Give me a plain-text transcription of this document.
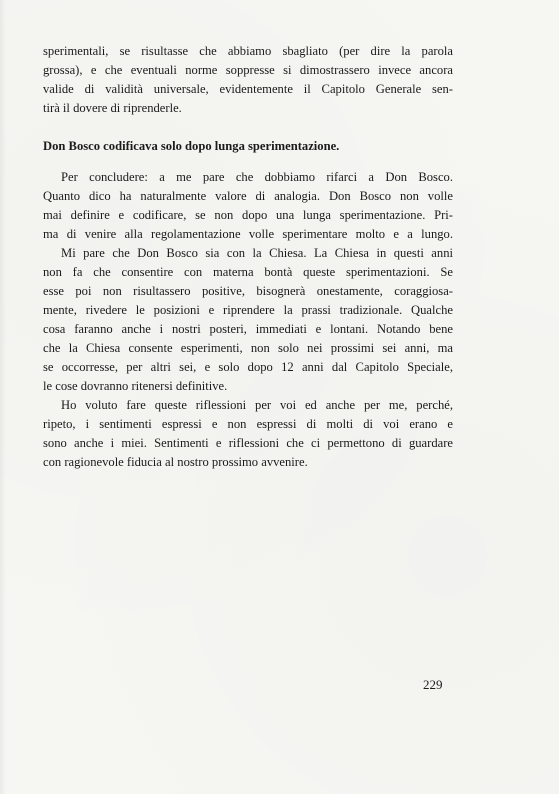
sperimentali, se risultasse che abbiamo sbagliato (per dire la parola
grossa), e che eventuali norme soppresse si dimostrassero invece ancora
valide di validità universale, evidentemente il Capitolo Generale sen-
tirà il dovere di riprenderle.

Don Bosco codificava solo dopo lunga sperimentazione.

Per concludere: a me pare che dobbiamo rifarci a Don Bosco.
Quanto dico ha naturalmente valore di analogia. Don Bosco non volle
mai definire e codificare, se non dopo una lunga sperimentazione. Pri-
ma di venire alla regolamentazione volle sperimentare molto e a lungo.

Mi pare che Don Bosco sia con la Chiesa. La Chiesa in questi anni
non fa che consentire con materna bontà queste sperimentazioni. Se
esse poi non risultassero positive, bisognerà onestamente, coraggiosa-
mente, rivedere le posizioni e riprendere la prassi tradizionale. Qualche
cosa faranno anche i nostri posteri, immediati e lontani. Notando bene
che la Chiesa consente esperimenti, non solo nei prossimi sei anni, ma
se occorresse, per altri sei, e solo dopo 12 anni dal Capitolo Speciale,
le cose dovranno ritenersi definitive.

Ho voluto fare queste riflessioni per voi ed anche per me, perché,
ripeto, i sentimenti espressi e non espressi di molti di voi erano e
sono anche i miei. Sentimenti e riflessioni che ci permettono di guardare
con ragionevole fiducia al nostro prossimo avvenire.

229
